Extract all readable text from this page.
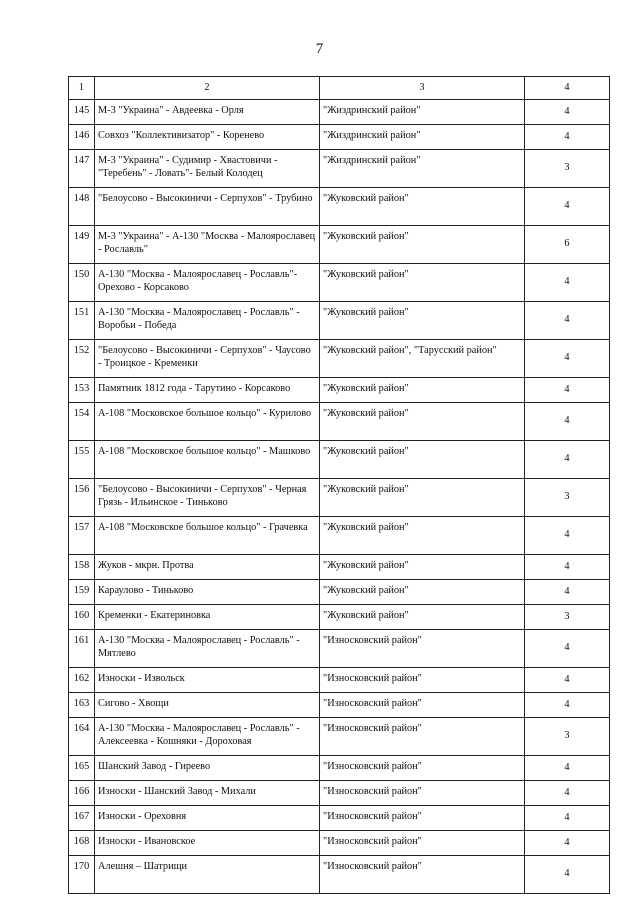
7
1	2	3	4
145	М-3 "Украина" - Авдеевка - Орля	"Жиздринский район"	4
146	Совхоз "Коллективизатор" - Коренево	"Жиздринский район"	4
147	М-3 "Украина" - Судимир - Хвастовичи - "Теребень" - Ловать"- Белый Колодец	"Жиздринский район"	3
148	"Белоусово - Высокиничи - Серпухов" - Трубино	"Жуковский район"	4
149	М-3 "Украина" - А-130 "Москва - Малоярославец - Рославль"	"Жуковский район"	6
150	А-130 "Москва - Малоярославец - Рославль"- Орехово - Корсаково	"Жуковский район"	4
151	А-130 "Москва - Малоярославец - Рославль" - Воробьи - Победа	"Жуковский район"	4
152	"Белоусово - Высокиничи - Серпухов" - Чаусово - Троицкое - Кременки	"Жуковский район", "Тарусский район"	4
153	Памятник 1812 года - Тарутино - Корсаково	"Жуковский район"	4
154	А-108 "Московское большое кольцо" - Курилово	"Жуковский район"	4
155	А-108 "Московское большое кольцо" - Машково	"Жуковский район"	4
156	"Белоусово - Высокиничи - Серпухов" - Черная Грязь - Ильинское - Тиньково	"Жуковский район"	3
157	А-108 "Московское большое кольцо" - Грачевка	"Жуковский район"	4
158	Жуков - мкрн. Протва	"Жуковский район"	4
159	Караулово - Тиньково	"Жуковский район"	4
160	Кременки - Екатериновка	"Жуковский район"	3
161	А-130 "Москва - Малоярославец - Рославль" - Мятлево	"Износковский район"	4
162	Износки - Извольск	"Износковский район"	4
163	Сигово - Хвощи	"Износковский район"	4
164	А-130 "Москва - Малоярославец - Рославль" - Алексеевка - Кошняки - Дороховая	"Износковский район"	3
165	Шанский Завод - Гиреево	"Износковский район"	4
166	Износки - Шанский Завод - Михали	"Износковский район"	4
167	Износки - Ореховня	"Износковский район"	4
168	Износки - Ивановское	"Износковский район"	4
170	Алешня – Шатрищи	"Износковский район"	4
